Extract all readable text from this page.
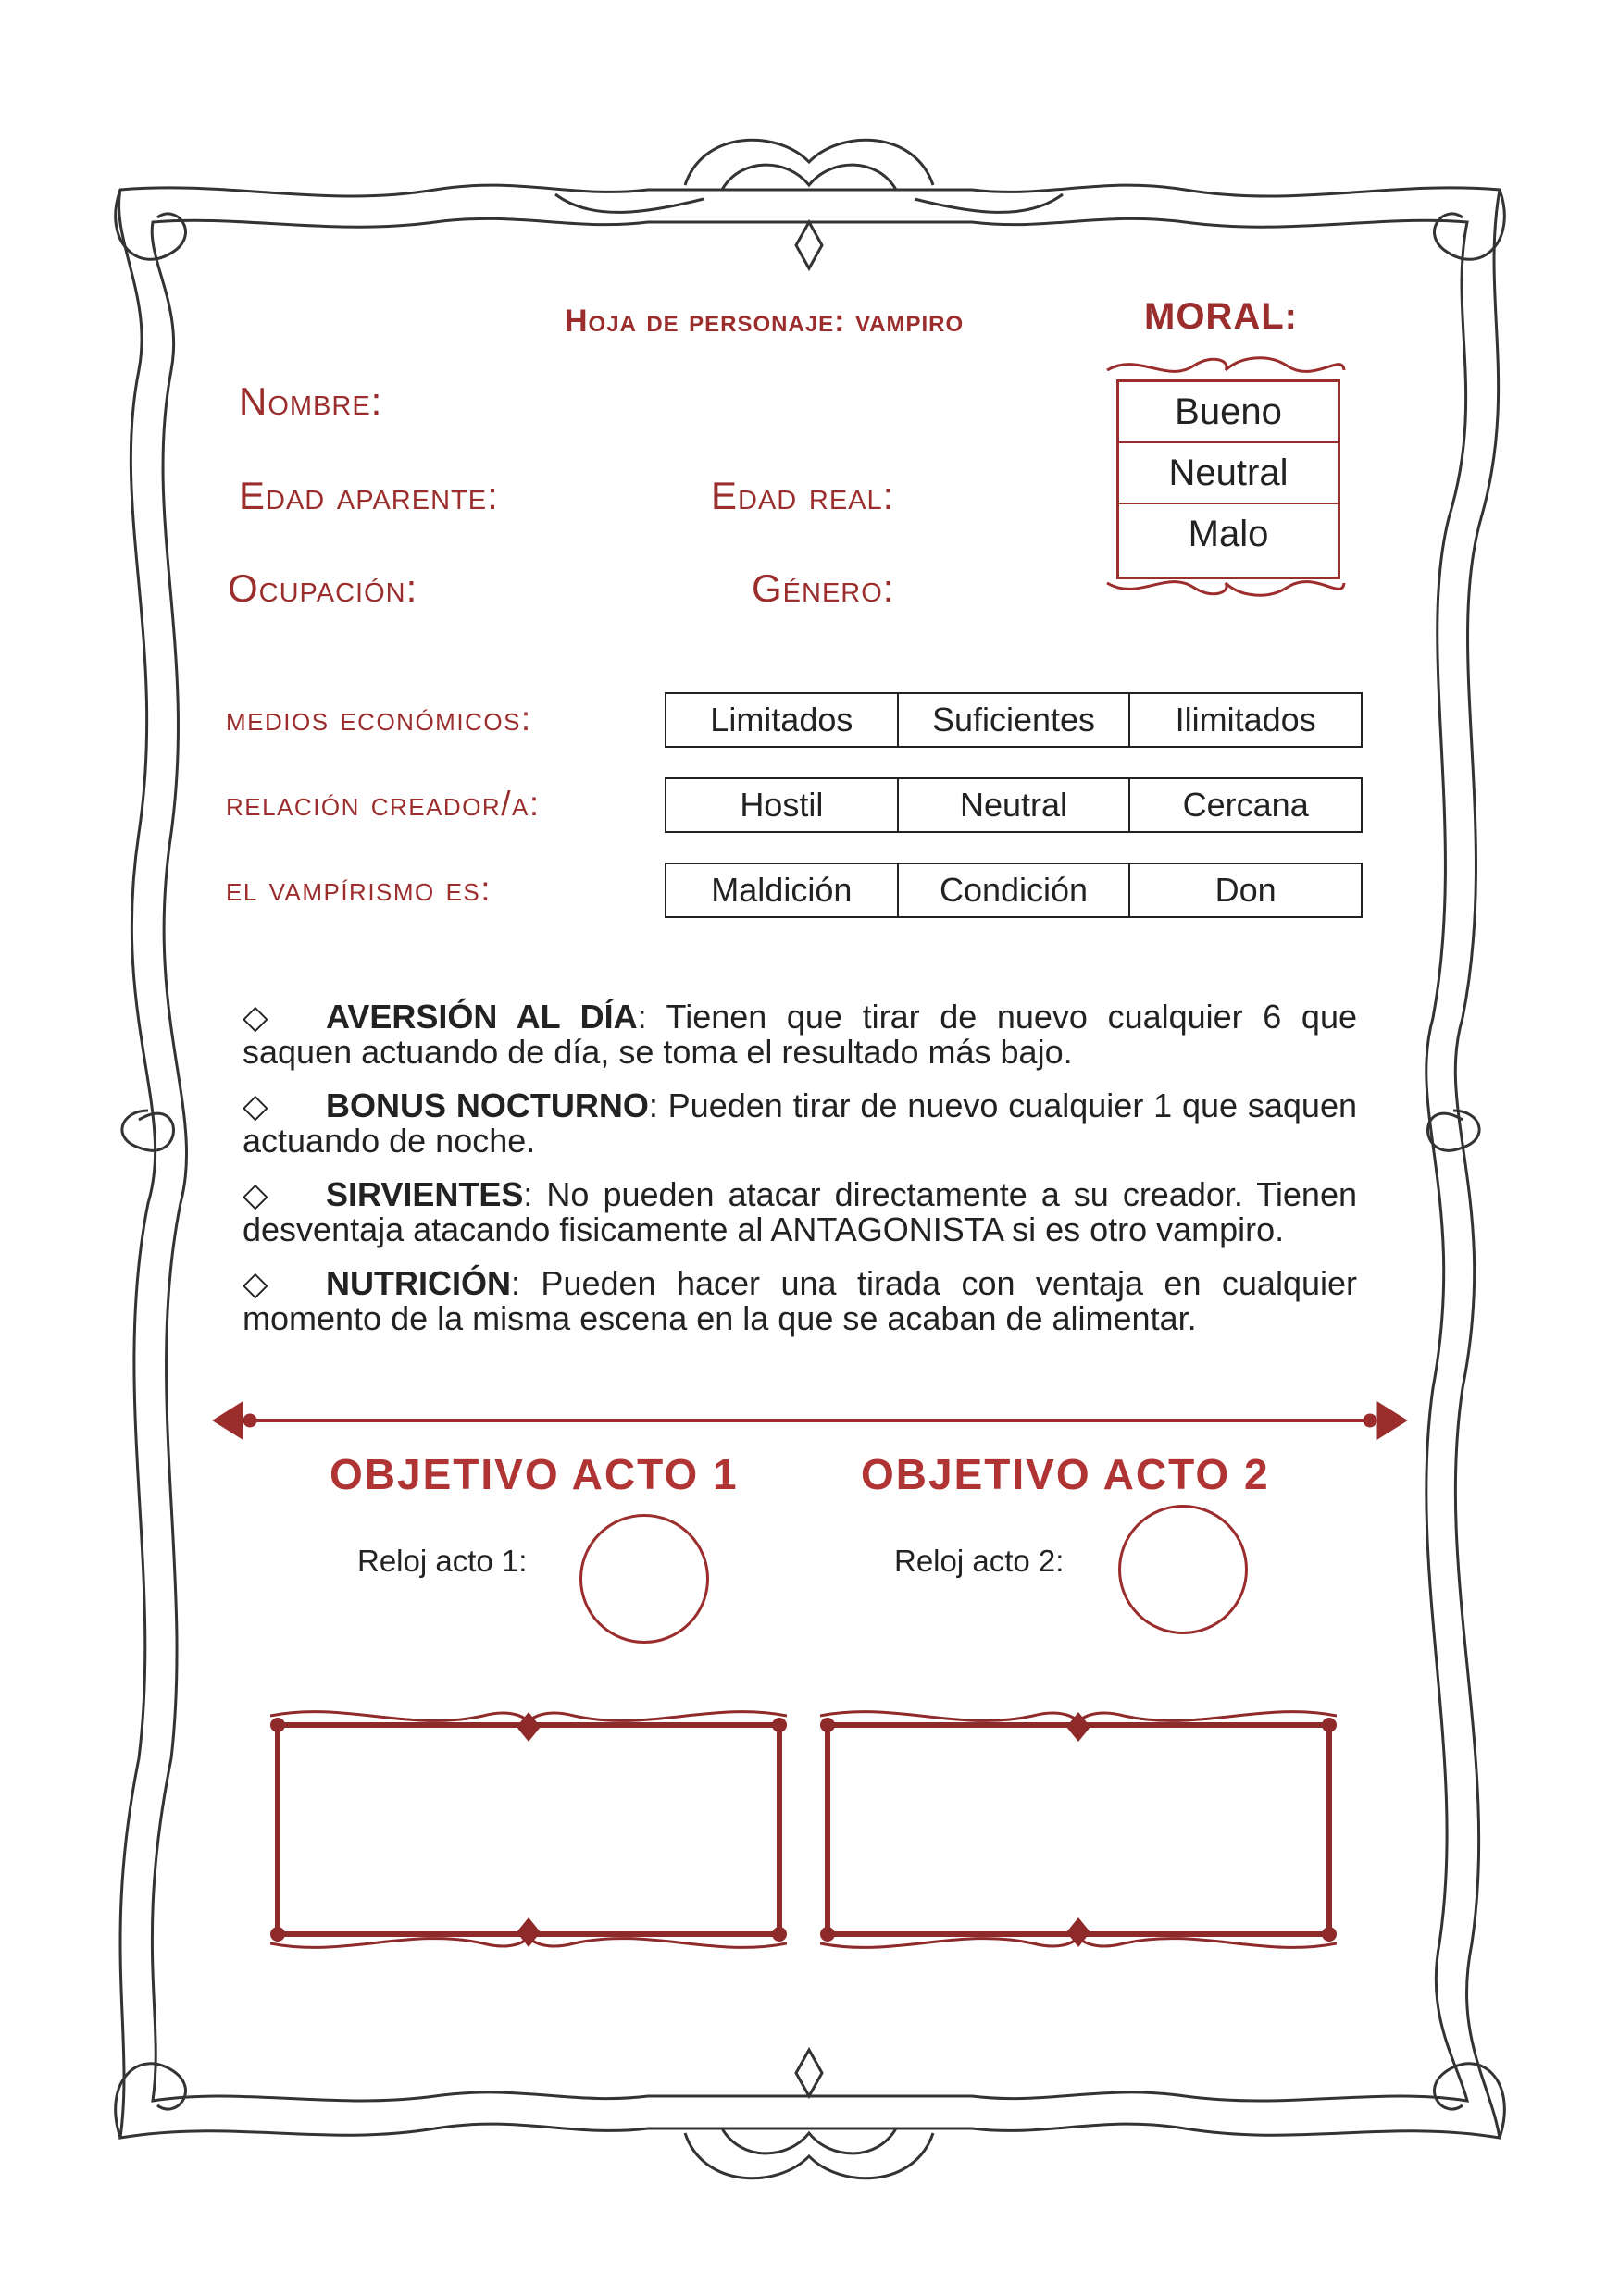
Hoja de personaje: vampiro	MORAL:
Bueno
Neutral
Malo
Nombre:
Edad aparente:	Edad real:
Ocupación:	Género:
medios económicos:	Limitados	Suficientes	Ilimitados
relación creador/a:	Hostil	Neutral	Cercana
el vampírismo es:	Maldición	Condición	Don
◇ AVERSIÓN AL DÍA: Tienen que tirar de nuevo cualquier 6 que saquen actuando de día, se toma el resultado más bajo.
◇ BONUS NOCTURNO: Pueden tirar de nuevo cualquier 1 que saquen actuando de noche.
◇ SIRVIENTES: No pueden atacar directamente a su creador. Tienen desventaja atacando fisicamente al ANTAGONISTA si es otro vampiro.
◇ NUTRICIÓN: Pueden hacer una tirada con ventaja en cualquier momento de la misma escena en la que se acaban de alimentar.
OBJETIVO ACTO 1	OBJETIVO ACTO 2
Reloj acto 1:	Reloj acto 2:
